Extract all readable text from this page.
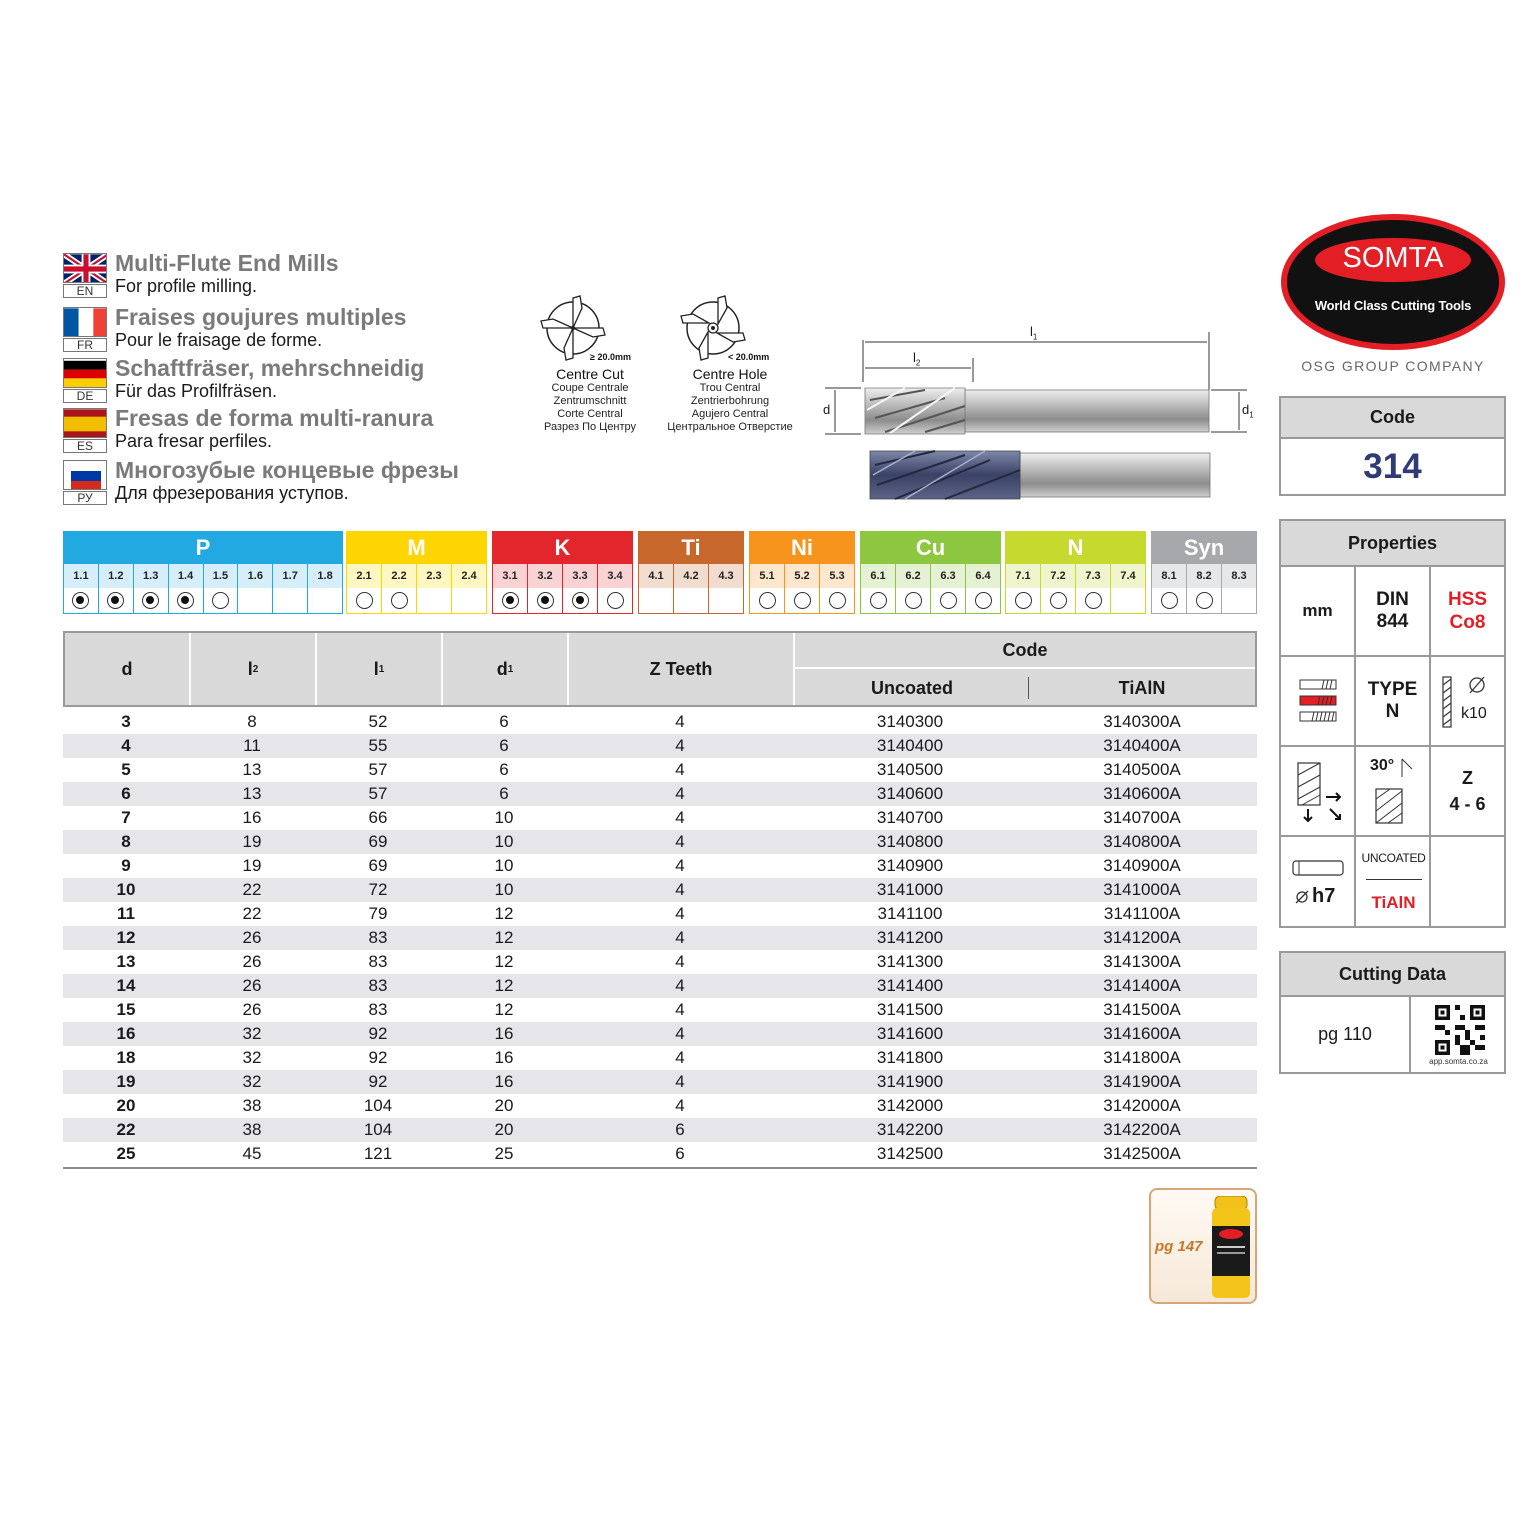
EN
Multi-Flute End Mills
For profile milling.
FR
Fraises goujures multiples
Pour le fraisage de forme.
DE
Schaftfräser, mehrschneidig
Für das Profilfräsen.
ES
Fresas de forma multi-ranura
Para fresar perfiles.
РУ
Многозубые концевые фрезы
Для фрезерования уступов.
≥ 20.0mm
Centre Cut
Coupe Centrale
Zentrumschnitt
Corte Central
Разрез По Центру
< 20.0mm
Centre Hole
Trou Central
Zentrierbohrung
Agujero Central
Центральное Отверстие
$l_1$
$l_2$
d	$d_1$
SOMTA
World Class Cutting Tools
OSG GROUP COMPANY
Code
314
Properties
mm
DIN
844
HSS
Co8
TYPE
N	k10
30°
Z
4 - 6
h7
UNCOATED
TiAlN
Cutting Data
pg 110
app.somta.co.za
pg 147
P
1.1	1.2	1.3	1.4	1.5	1.6	1.7	1.8
M
2.1	2.2	2.3	2.4
K
3.1	3.2	3.3	3.4
Ti
4.1	4.2	4.3
Ni
5.1	5.2	5.3
Cu
6.1	6.2	6.3	6.4
N
7.1	7.2	7.3	7.4
Syn
8.1	8.2	8.3
d	l 2	l 1	d 1	Z Teeth
Code
Uncoated	TiAlN
3	8	52	6	4	3140300	3140300A
4	11	55	6	4	3140400	3140400A
5	13	57	6	4	3140500	3140500A
6	13	57	6	4	3140600	3140600A
7	16	66	10	4	3140700	3140700A
8	19	69	10	4	3140800	3140800A
9	19	69	10	4	3140900	3140900A
10	22	72	10	4	3141000	3141000A
11	22	79	12	4	3141100	3141100A
12	26	83	12	4	3141200	3141200A
13	26	83	12	4	3141300	3141300A
14	26	83	12	4	3141400	3141400A
15	26	83	12	4	3141500	3141500A
16	32	92	16	4	3141600	3141600A
18	32	92	16	4	3141800	3141800A
19	32	92	16	4	3141900	3141900A
20	38	104	20	4	3142000	3142000A
22	38	104	20	6	3142200	3142200A
25	45	121	25	6	3142500	3142500A
